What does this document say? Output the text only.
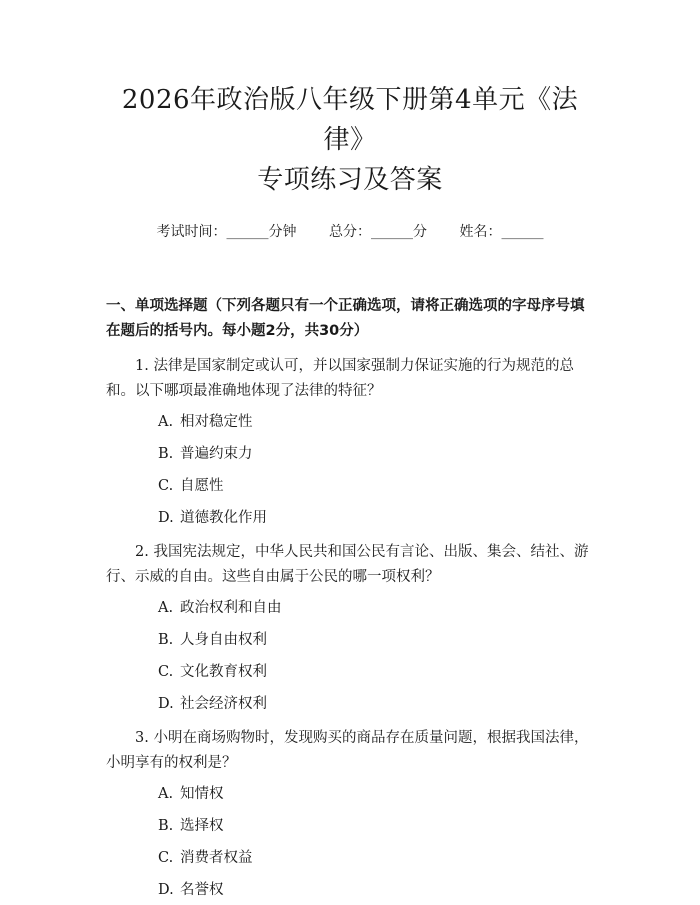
2026年政治版八年级下册第4单元《法律》
专项练习及答案
考试时间：______分钟 总分：______分 姓名：______
一、单项选择题（下列各题只有一个正确选项，请将正确选项的字母序号填在题后的括号内。每小题2分，共30分）
1. 法律是国家制定或认可，并以国家强制力保证实施的行为规范的总和。以下哪项最准确地体现了法律的特征？
A. 相对稳定性
B. 普遍约束力
C. 自愿性
D. 道德教化作用
2. 我国宪法规定，中华人民共和国公民有言论、出版、集会、结社、游行、示威的自由。这些自由属于公民的哪一项权利？
A. 政治权利和自由
B. 人身自由权利
C. 文化教育权利
D. 社会经济权利
3. 小明在商场购物时，发现购买的商品存在质量问题，根据我国法律，小明享有的权利是？
A. 知情权
B. 选择权
C. 消费者权益
D. 名誉权
